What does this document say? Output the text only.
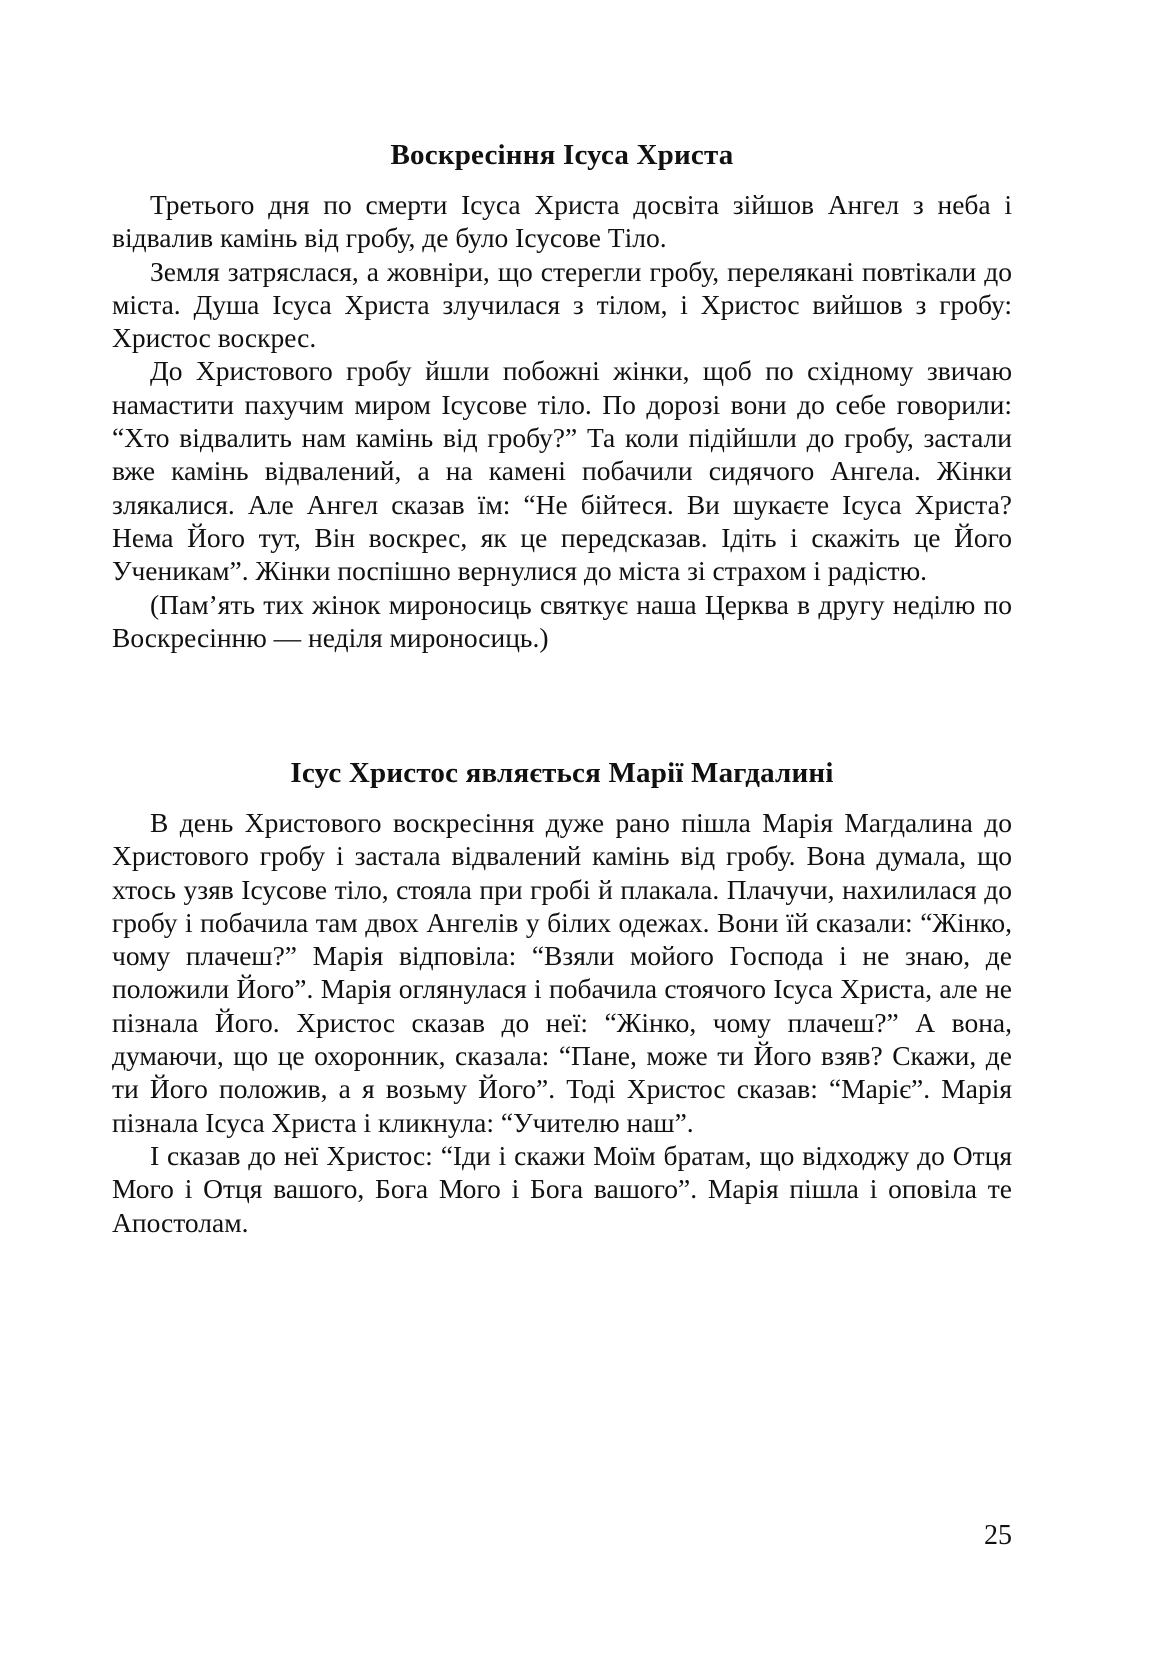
Воскресіння Ісуса Христа

Третього дня по смерти Ісуса Христа досвіта зійшов Ангел з неба і відвалив камінь від гробу, де було Ісусове Тіло.

Земля затряслася, а жовніри, що стерегли гробу, перелякані повтікали до міста. Душа Ісуса Христа злучилася з тілом, і Христос вийшов з гробу: Христос воскрес.

До Христового гробу йшли побожні жінки, щоб по східному звичаю намастити пахучим миром Ісусове тіло. По дорозі вони до себе говорили: “Хто відвалить нам камінь від гробу?” Та коли підійшли до гробу, застали вже камінь відвалений, а на камені побачили сидячого Ангела. Жінки злякалися. Але Ангел сказав їм: “Не бійтеся. Ви шукаєте Ісуса Христа? Нема Його тут, Він воскрес, як це передсказав. Ідіть і скажіть це Його Ученикам”. Жінки поспішно вернулися до міста зі страхом і радістю.

(Пам’ять тих жінок мироносиць святкує наша Церква в другу неділю по Воскресінню — неділя мироносиць.)

Ісус Христос являється Марії Магдалині

В день Христового воскресіння дуже рано пішла Марія Магдалина до Христового гробу і застала відвалений камінь від гробу. Вона думала, що хтось узяв Ісусове тіло, стояла при гробі й плакала. Плачучи, нахилилася до гробу і побачила там двох Ангелів у білих одежах. Вони їй сказали: “Жінко, чому плачеш?” Марія відповіла: “Взяли мойого Господа і не знаю, де положили Його”. Марія оглянулася і побачила стоячого Ісуса Христа, але не пізнала Його. Христос сказав до неї: “Жінко, чому плачеш?” А вона, думаючи, що це охоронник, сказала: “Пане, може ти Його взяв? Скажи, де ти Його положив, а я возьму Його”. Тоді Христос сказав: “Маріє”. Марія пізнала Ісуса Христа і кликнула: “Учителю наш”.

І сказав до неї Христос: “Іди і скажи Моїм братам, що відходжу до Отця Мого і Отця вашого, Бога Мого і Бога вашого”. Марія пішла і оповіла те Апостолам.

25
